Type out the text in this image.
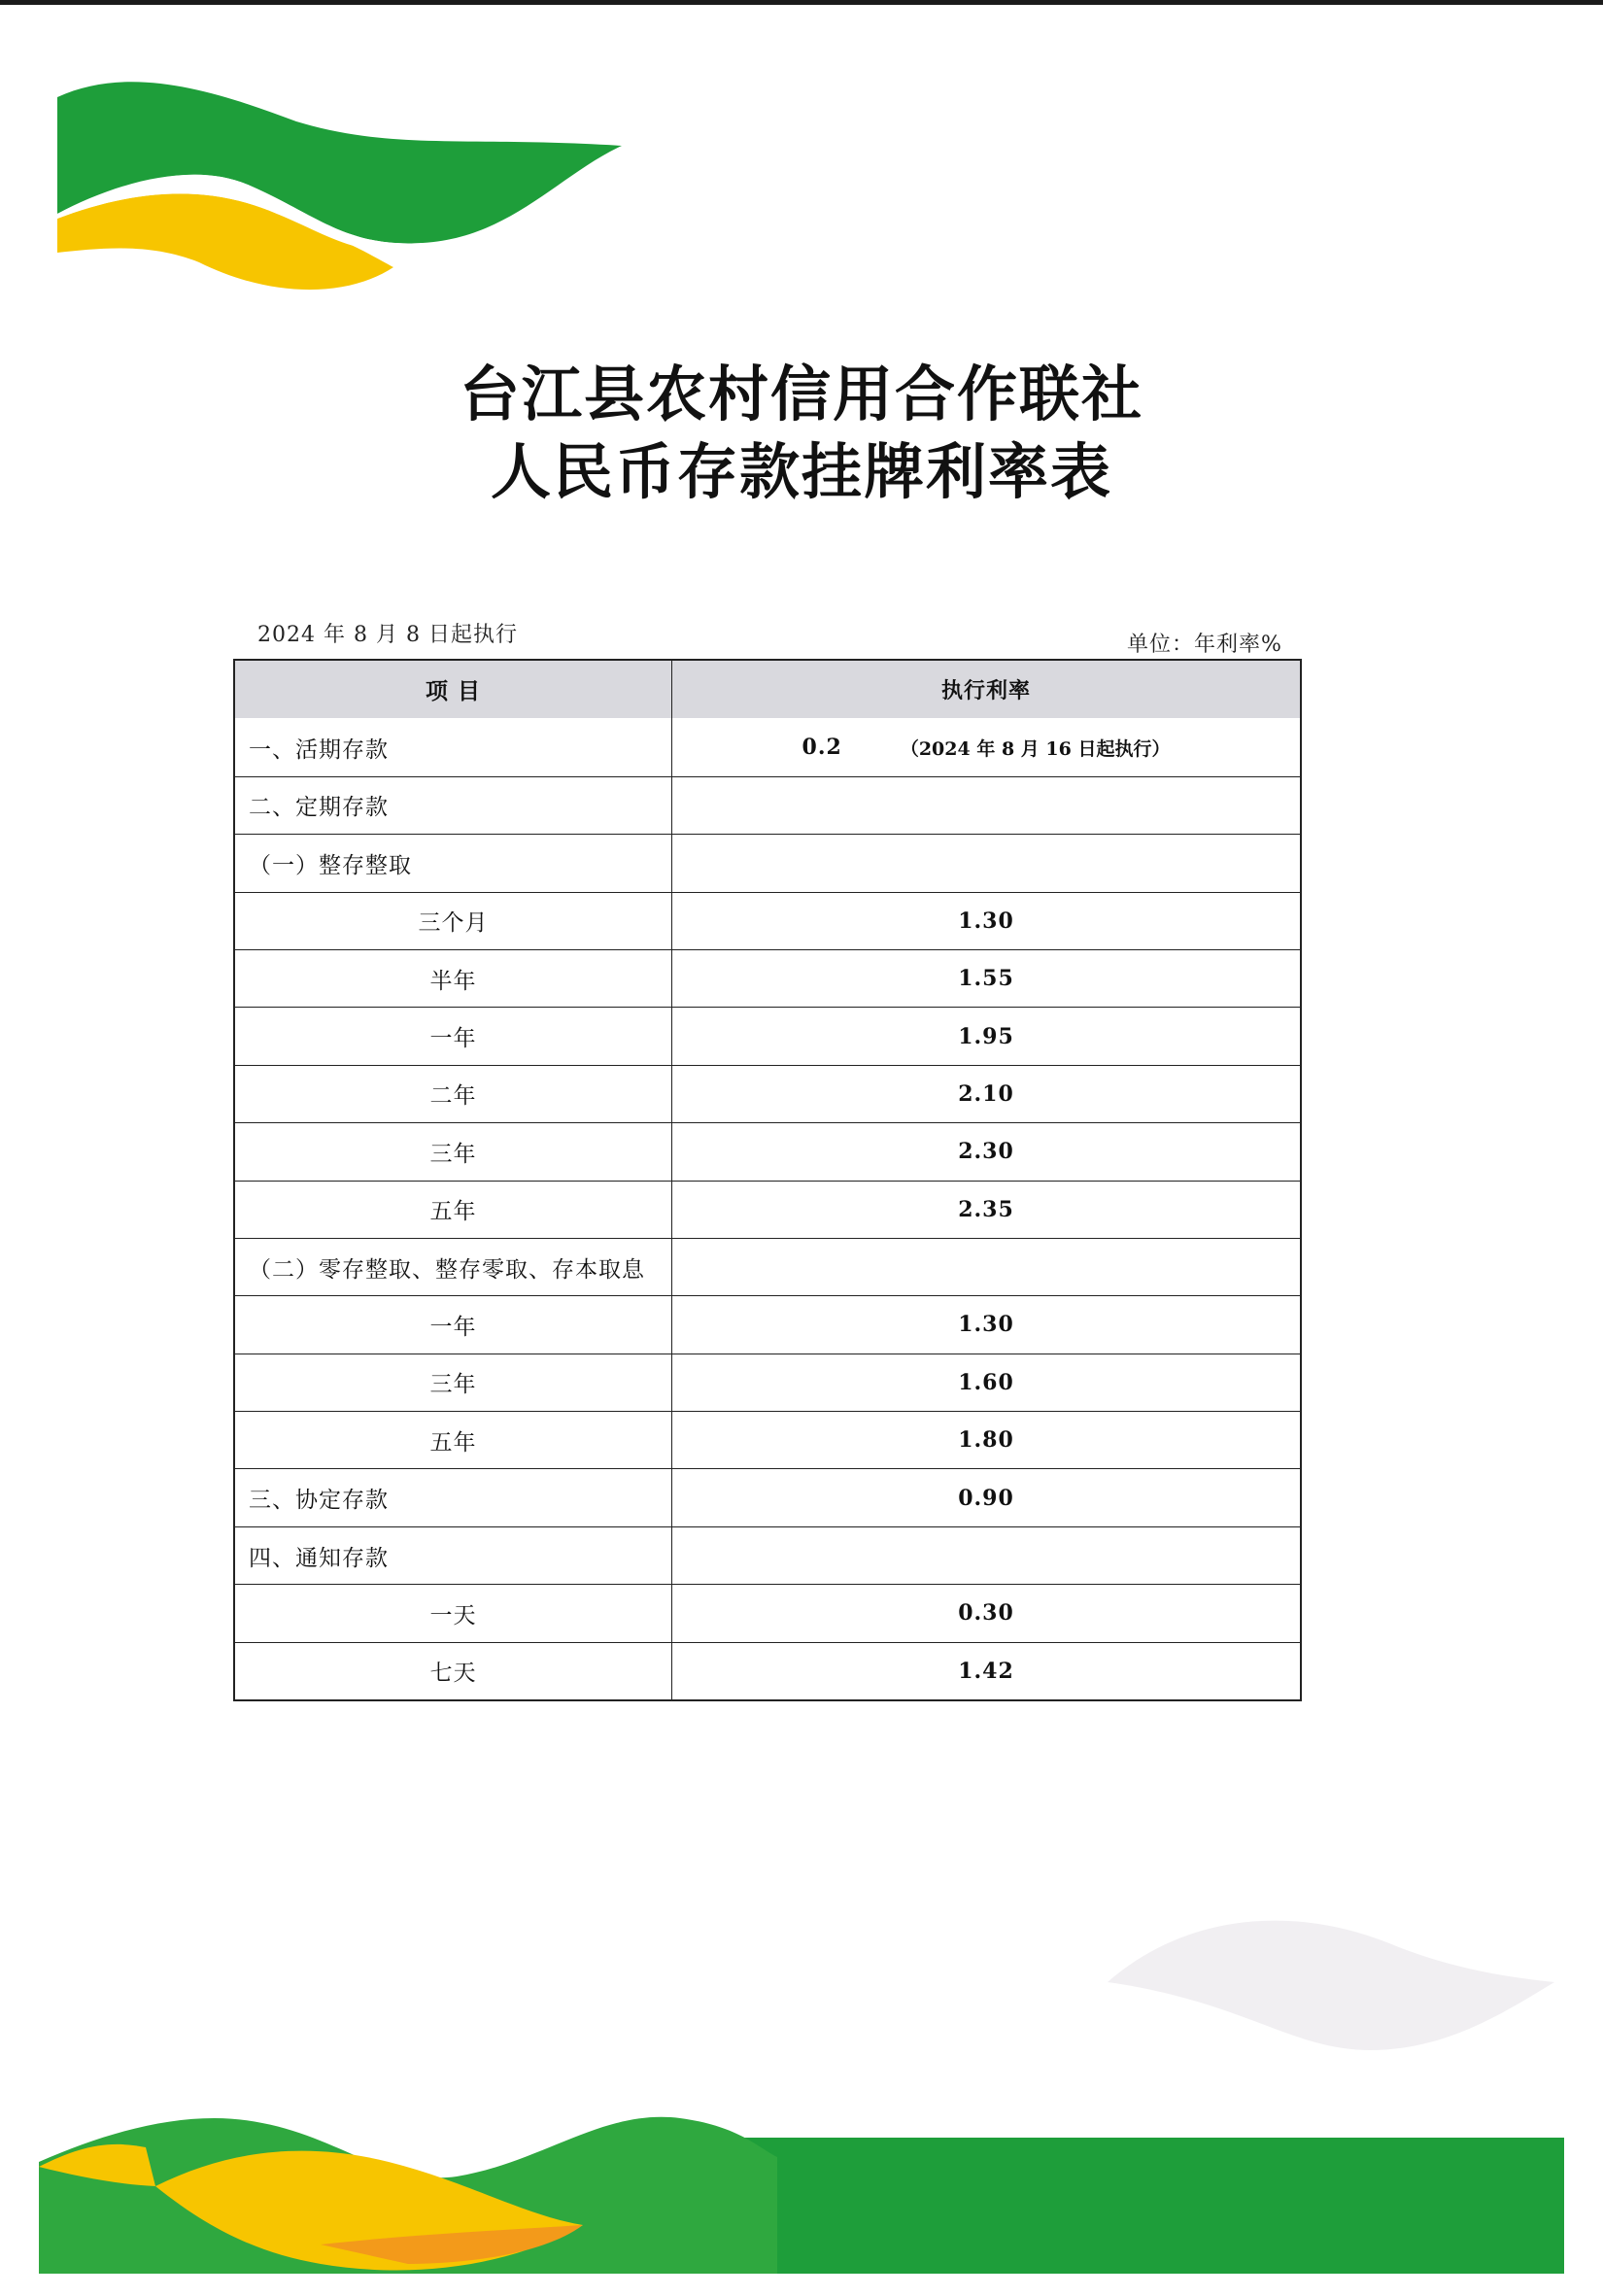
台江县农村信用合作联社
人民币存款挂牌利率表
2024 年 8 月 8 日起执行	单位：年利率%
项 目	执行利率
一、活期存款	0.2	（2024 年 8 月 16 日起执行）
二、定期存款
（一）整存整取
三个月	1.30
半年	1.55
一年	1.95
二年	2.10
三年	2.30
五年	2.35
（二）零存整取、整存零取、存本取息
一年	1.30
三年	1.60
五年	1.80
三、协定存款	0.90
四、通知存款
一天	0.30
七天	1.42
